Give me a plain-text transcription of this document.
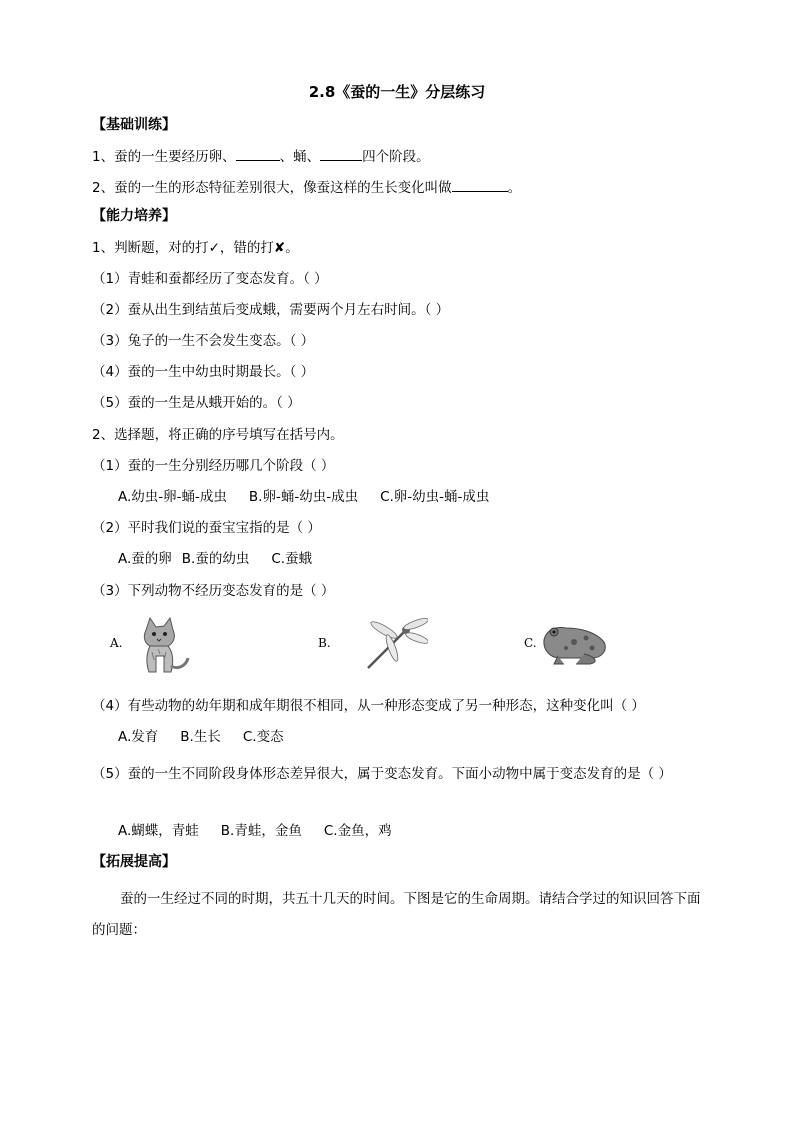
2.8《蚕的一生》分层练习
【基础训练】
1、蚕的一生要经历卵、	、蛹、	四个阶段。
2、蚕的一生的形态特征差别很大，像蚕这样的生长变化叫做	。
【能力培养】
1、判断题，对的打✓，错的打✘。
（1）青蛙和蚕都经历了变态发育。（ ）
（2）蚕从出生到结茧后变成蛾，需要两个月左右时间。（ ）
（3）兔子的一生不会发生变态。（ ）
（4）蚕的一生中幼虫时期最长。（ ）
（5）蚕的一生是从蛾开始的。（ ）
2、选择题，将正确的序号填写在括号内。
（1）蚕的一生分别经历哪几个阶段（ ）
A.幼虫-卵-蛹-成虫 B.卵-蛹-幼虫-成虫 C.卵-幼虫-蛹-成虫
（2）平时我们说的蚕宝宝指的是（ ）
A.蚕的卵 B.蚕的幼虫 C.蚕蛾
（3）下列动物不经历变态发育的是（ ）
A.	B.	C.
（4）有些动物的幼年期和成年期很不相同，从一种形态变成了另一种形态，这种变化叫（ ）
A.发育 B.生长 C.变态
（5）蚕的一生不同阶段身体形态差异很大，属于变态发育。下面小动物中属于变态发育的是（ ）
A.蝴蝶，青蛙 B.青蛙，金鱼 C.金鱼，鸡
【拓展提高】
蚕的一生经过不同的时期，共五十几天的时间。下图是它的生命周期。请结合学过的知识回答下面的问题：
